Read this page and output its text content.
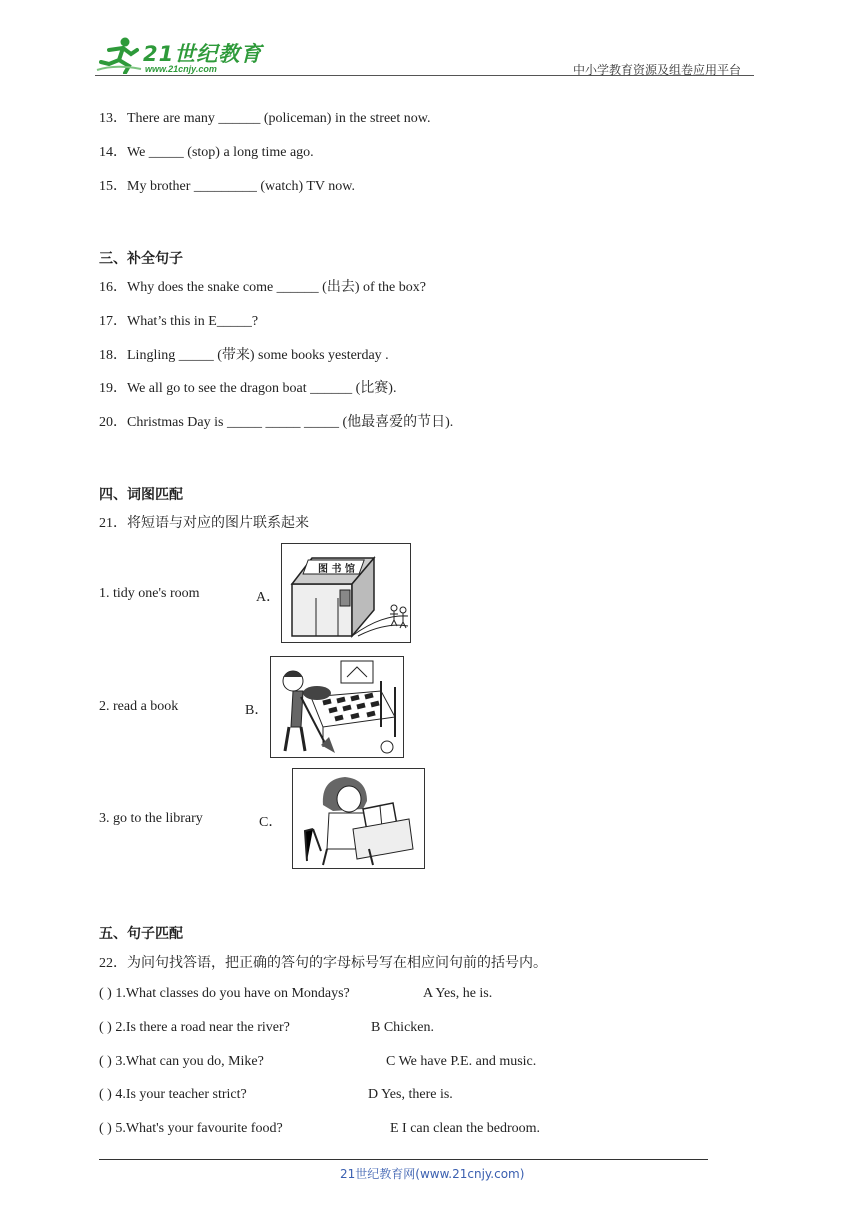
21世纪教育
www.21cnjy.com	中小学教育资源及组卷应用平台
13．There are many ______ (policeman) in the street now.
14．We _____ (stop) a long time ago.
15．My brother _________ (watch) TV now.
三、补全句子
16．Why does the snake come ______ (出去) of the box?
17．What’s this in E_____?
18．Lingling _____ (带来) some books yesterday .
19．We all go to see the dragon boat ______ (比赛).
20．Christmas Day is _____ _____ _____ (他最喜爱的节日).
四、词图匹配
21．将短语与对应的图片联系起来
1. tidy one's room	A．
2. read a book	B．
3. go to the library	C．
图 书 馆
五、句子匹配
22．为问句找答语，把正确的答句的字母标号写在相应问句前的括号内。
( ) 1.What classes do you have on Mondays?	A Yes, he is.
( ) 2.Is there a road near the river?	B Chicken.
( ) 3.What can you do, Mike?	C We have P.E. and music.
( ) 4.Is your teacher strict?	D Yes, there is.
( ) 5.What's your favourite food?	E I can clean the bedroom.
21世纪教育网(www.21cnjy.com)
